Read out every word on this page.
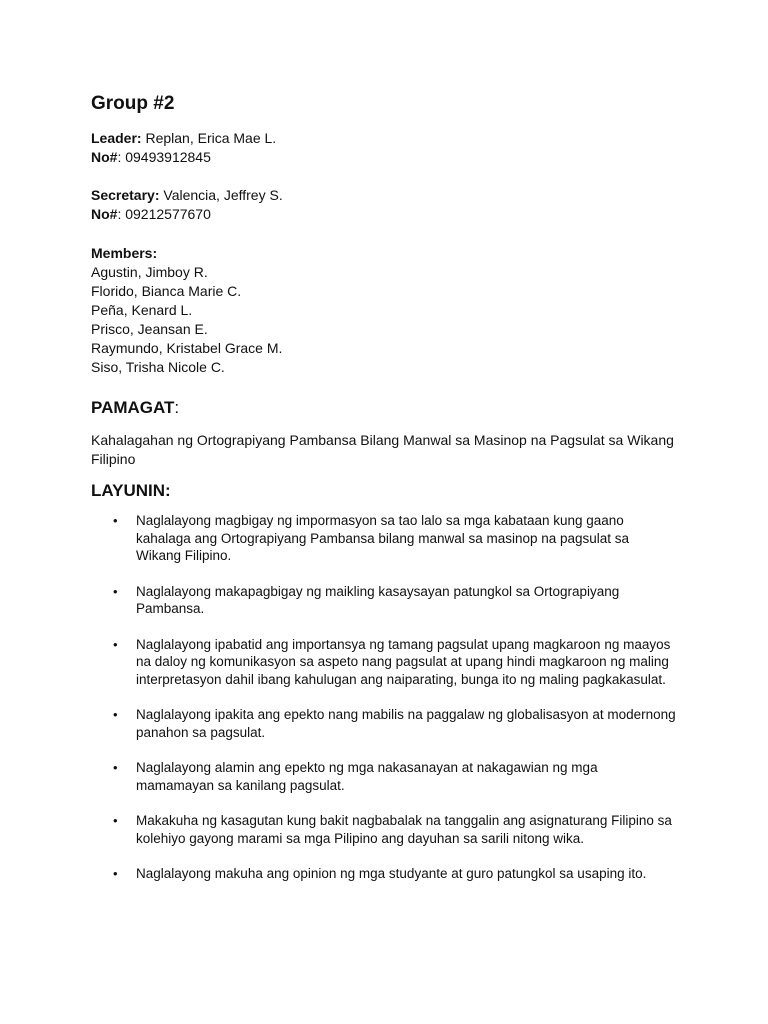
Group #2
Leader: Replan, Erica Mae L.
No#: 09493912845
Secretary: Valencia, Jeffrey S.
No#: 09212577670
Members:
Agustin, Jimboy R.
Florido, Bianca Marie C.
Peña, Kenard L.
Prisco, Jeansan E.
Raymundo, Kristabel Grace M.
Siso, Trisha Nicole C.
PAMAGAT:
Kahalagahan ng Ortograpiyang Pambansa Bilang Manwal sa Masinop na Pagsulat sa Wikang Filipino
LAYUNIN:
• Naglalayong magbigay ng impormasyon sa tao lalo sa mga kabataan kung gaano kahalaga ang Ortograpiyang Pambansa bilang manwal sa masinop na pagsulat sa Wikang Filipino.
• Naglalayong makapagbigay ng maikling kasaysayan patungkol sa Ortograpiyang Pambansa.
• Naglalayong ipabatid ang importansya ng tamang pagsulat upang magkaroon ng maayos na daloy ng komunikasyon sa aspeto nang pagsulat at upang hindi magkaroon ng maling interpretasyon dahil ibang kahulugan ang naiparating, bunga ito ng maling pagkakasulat.
• Naglalayong ipakita ang epekto nang mabilis na paggalaw ng globalisasyon at modernong panahon sa pagsulat.
• Naglalayong alamin ang epekto ng mga nakasanayan at nakagawian ng mga mamamayan sa kanilang pagsulat.
• Makakuha ng kasagutan kung bakit nagbabalak na tanggalin ang asignaturang Filipino sa kolehiyo gayong marami sa mga Pilipino ang dayuhan sa sarili nitong wika.
• Naglalayong makuha ang opinion ng mga studyante at guro patungkol sa usaping ito.
